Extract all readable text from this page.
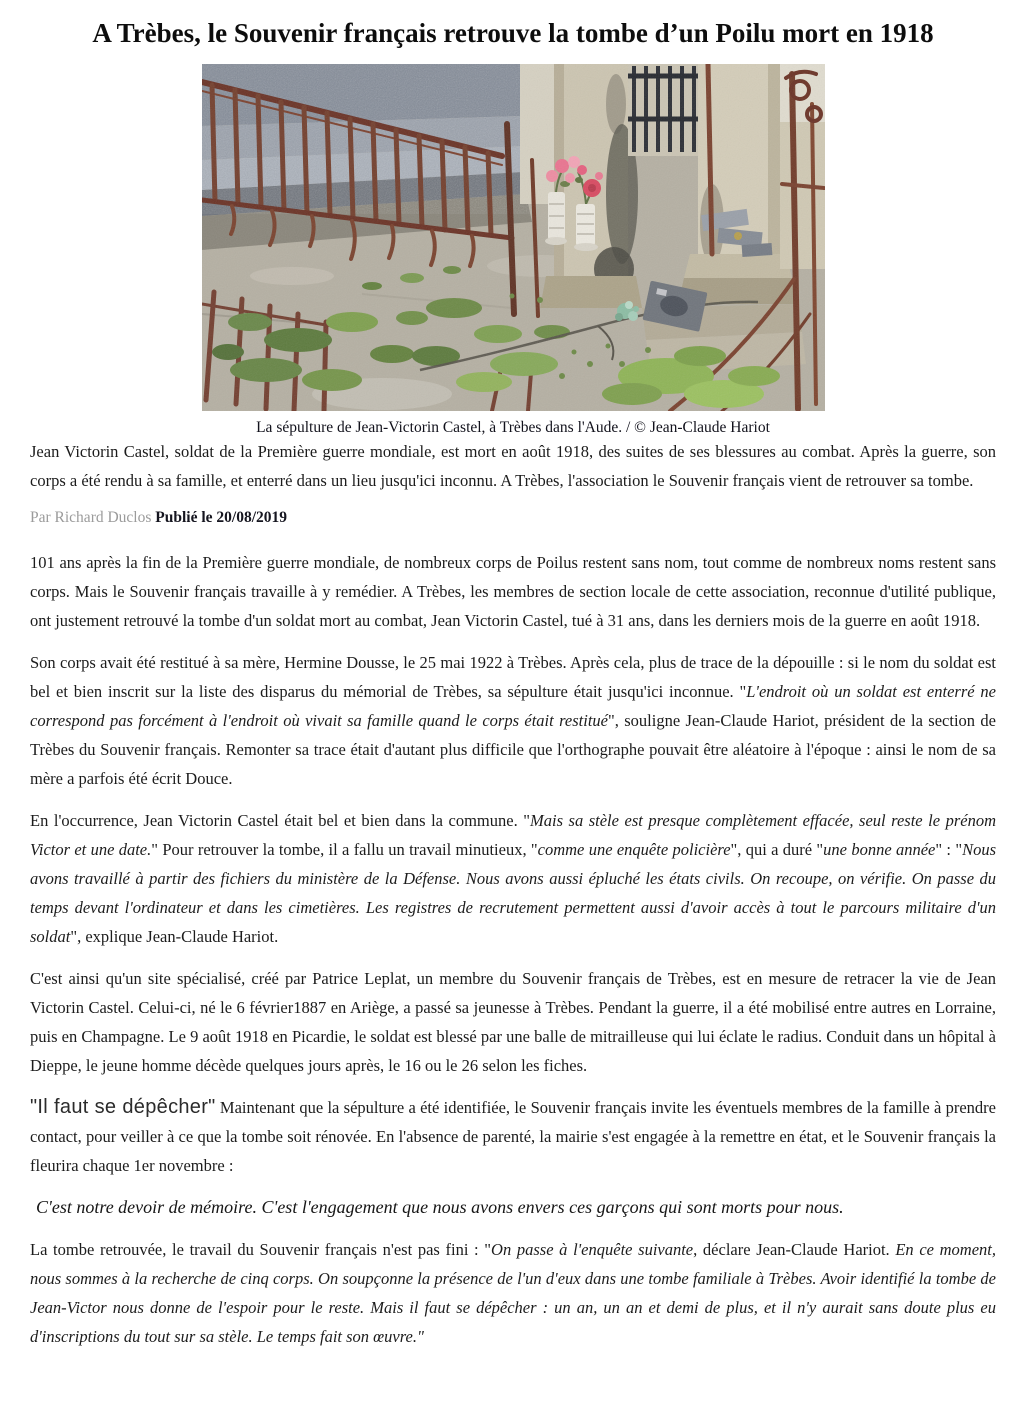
A Trèbes, le Souvenir français retrouve la tombe d’un Poilu mort en 1918
La sépulture de Jean-Victorin Castel, à Trèbes dans l'Aude. / © Jean-Claude Hariot

Jean Victorin Castel, soldat de la Première guerre mondiale, est mort en août 1918, des suites de ses blessures au combat. Après la guerre, son corps a été rendu à sa famille, et enterré dans un lieu jusqu'ici inconnu. A Trèbes, l'association le Souvenir français vient de retrouver sa tombe.

Par Richard Duclos Publié le 20/08/2019

101 ans après la fin de la Première guerre mondiale, de nombreux corps de Poilus restent sans nom, tout comme de nombreux noms restent sans corps. Mais le Souvenir français travaille à y remédier. A Trèbes, les membres de section locale de cette association, reconnue d'utilité publique, ont justement retrouvé la tombe d'un soldat mort au combat, Jean Victorin Castel, tué à 31 ans, dans les derniers mois de la guerre en août 1918.

Son corps avait été restitué à sa mère, Hermine Dousse, le 25 mai 1922 à Trèbes. Après cela, plus de trace de la dépouille : si le nom du soldat est bel et bien inscrit sur la liste des disparus du mémorial de Trèbes, sa sépulture était jusqu'ici inconnue. "L'endroit où un soldat est enterré ne correspond pas forcément à l'endroit où vivait sa famille quand le corps était restitué", souligne Jean-Claude Hariot, président de la section de Trèbes du Souvenir français. Remonter sa trace était d'autant plus difficile que l'orthographe pouvait être aléatoire à l'époque : ainsi le nom de sa mère a parfois été écrit Douce.

En l'occurrence, Jean Victorin Castel était bel et bien dans la commune. "Mais sa stèle est presque complètement effacée, seul reste le prénom Victor et une date." Pour retrouver la tombe, il a fallu un travail minutieux, "comme une enquête policière", qui a duré "une bonne année" : "Nous avons travaillé à partir des fichiers du ministère de la Défense. Nous avons aussi épluché les états civils. On recoupe, on vérifie. On passe du temps devant l'ordinateur et dans les cimetières. Les registres de recrutement permettent aussi d'avoir accès à tout le parcours militaire d'un soldat", explique Jean-Claude Hariot.

C'est ainsi qu'un site spécialisé, créé par Patrice Leplat, un membre du Souvenir français de Trèbes, est en mesure de retracer la vie de Jean Victorin Castel. Celui-ci, né le 6 février1887 en Ariège, a passé sa jeunesse à Trèbes. Pendant la guerre, il a été mobilisé entre autres en Lorraine, puis en Champagne. Le 9 août 1918 en Picardie, le soldat est blessé par une balle de mitrailleuse qui lui éclate le radius. Conduit dans un hôpital à Dieppe, le jeune homme décède quelques jours après, le 16 ou le 26 selon les fiches.

"Il faut se dépêcher" Maintenant que la sépulture a été identifiée, le Souvenir français invite les éventuels membres de la famille à prendre contact, pour veiller à ce que la tombe soit rénovée. En l'absence de parenté, la mairie s'est engagée à la remettre en état, et le Souvenir français la fleurira chaque 1er novembre :

C'est notre devoir de mémoire. C'est l'engagement que nous avons envers ces garçons qui sont morts pour nous.

La tombe retrouvée, le travail du Souvenir français n'est pas fini : "On passe à l'enquête suivante, déclare Jean-Claude Hariot. En ce moment, nous sommes à la recherche de cinq corps. On soupçonne la présence de l'un d'eux dans une tombe familiale à Trèbes. Avoir identifié la tombe de Jean-Victor nous donne de l'espoir pour le reste. Mais il faut se dépêcher : un an, un an et demi de plus, et il n'y aurait sans doute plus eu d'inscriptions du tout sur sa stèle. Le temps fait son œuvre."
